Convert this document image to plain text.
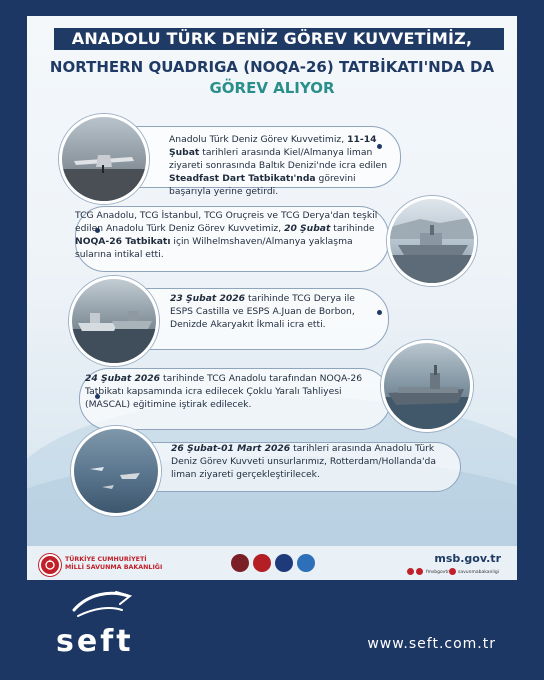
ANADOLU TÜRK DENİZ GÖREV KUVVETİMİZ,
NORTHERN QUADRIGA (NOQA-26) TATBİKATI'NDA DA
GÖREV ALIYOR
Anadolu Türk Deniz Görev Kuvvetimiz, 11-14 Şubat tarihleri arasında Kiel/Almanya liman ziyareti sonrasında Baltık Denizi'nde icra edilen Steadfast Dart Tatbikatı'nda görevini başarıyla yerine getirdi.
TCG Anadolu, TCG İstanbul, TCG Oruçreis ve TCG Derya'dan teşkil edilen Anadolu Türk Deniz Görev Kuvvetimiz, 20 Şubat tarihinde NOQA-26 Tatbikatı için Wilhelmshaven/Almanya yaklaşma sularına intikal etti.
23 Şubat 2026 tarihinde TCG Derya ile ESPS Castilla ve ESPS A.Juan de Borbon, Denizde Akaryakıt İkmali icra etti.
24 Şubat 2026 tarihinde TCG Anadolu tarafından NOQA-26 Tatbikatı kapsamında icra edilecek Çoklu Yaralı Tahliyesi (MASCAL) eğitimine iştirak edilecek.
26 Şubat-01 Mart 2026 tarihleri arasında Anadolu Türk Deniz Görev Kuvveti unsurlarımız, Rotterdam/Hollanda'da liman ziyareti gerçekleştirilecek.
TÜRKİYE CUMHURİYETİ
MİLLİ SAVUNMA BAKANLIĞI
msb.gov.tr
fmsbgovtr savunmabakanligi
seft	www.seft.com.tr
